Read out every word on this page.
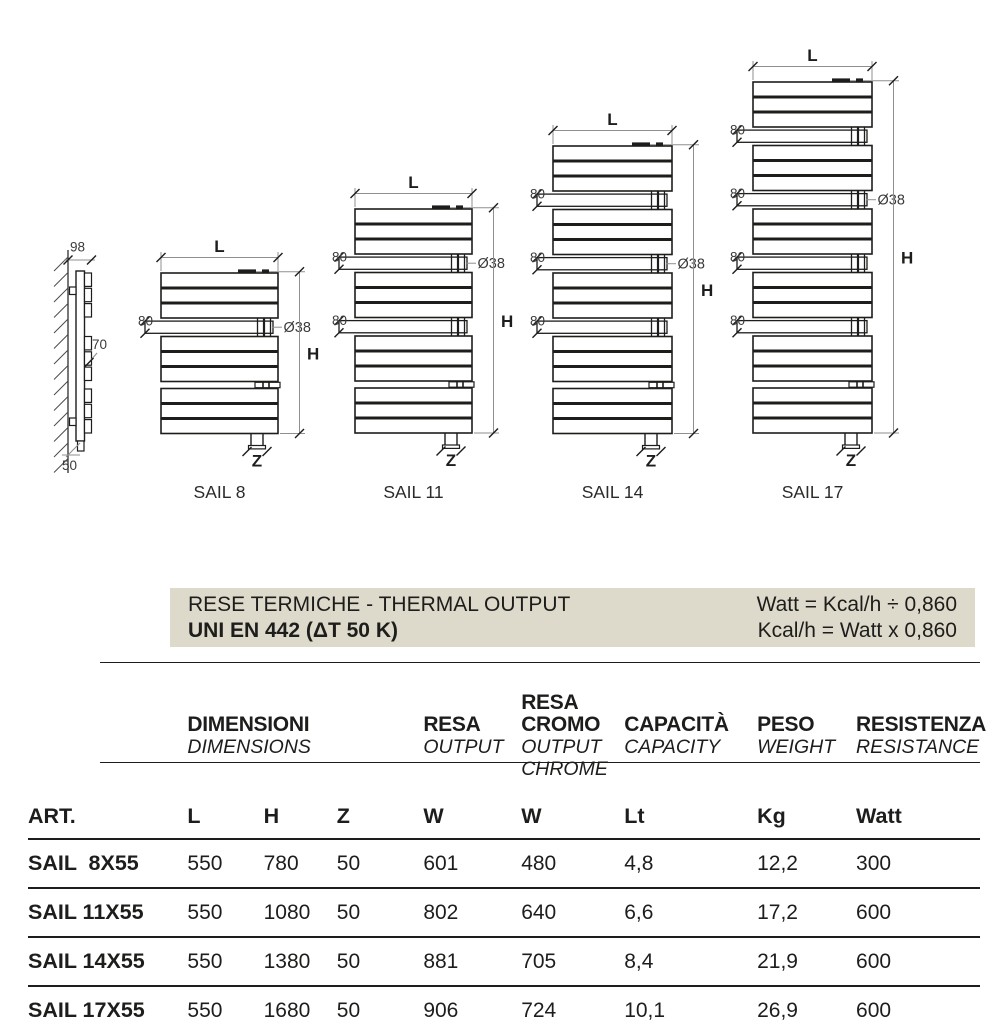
98
70
50
L
80	Ø38
H
Z
SAIL 8
L
80	Ø38
80	H
Z
SAIL 11
L
80
80	Ø38
80
H
Z
SAIL 14
L
80
80	Ø38
80
80
H
Z
SAIL 17
RESE TERMICHE - THERMAL OUTPUT
UNI EN 442 (ΔT 50 K)
Watt = Kcal/h ÷ 0,860
Kcal/h = Watt x 0,860

DIMENSIONI
DIMENSIONS

RESA
OUTPUT

RESA
CROMO
OUTPUT
CHROME

CAPACITÀ
CAPACITY

PESO
WEIGHT

RESISTENZA
RESISTANCE

ART.	L	H	Z	W	W	Lt	Kg	Watt
SAIL  8X55	550	780	50	601	480	4,8	12,2	300
SAIL 11X55	550	1080	50	802	640	6,6	17,2	600
SAIL 14X55	550	1380	50	881	705	8,4	21,9	600
SAIL 17X55	550	1680	50	906	724	10,1	26,9	600
